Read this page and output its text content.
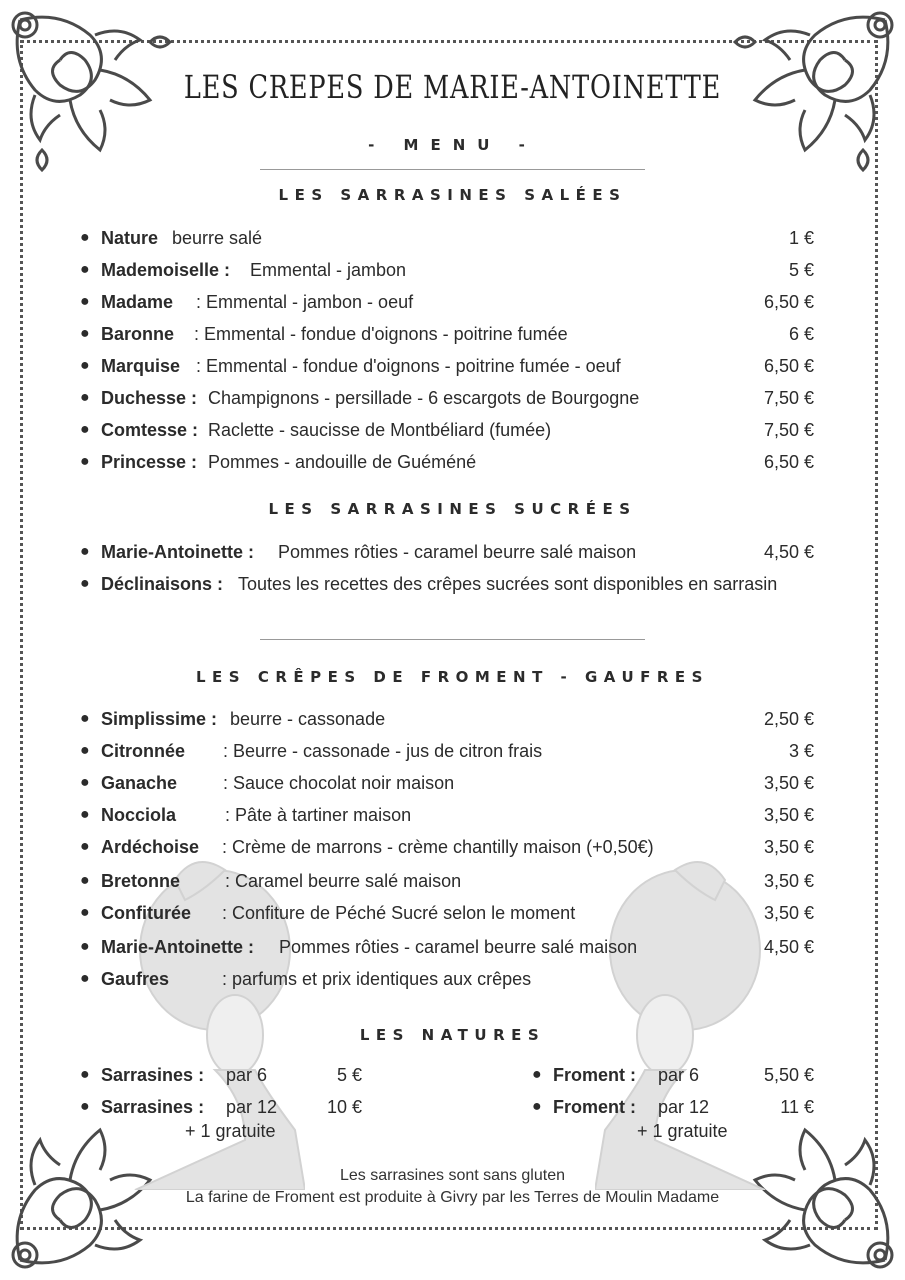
LES CREPES DE MARIE-ANTOINETTE
- MENU -
LES SARRASINES SALÉES
● Nature beurre salé	1 €
● Mademoiselle : Emmental - jambon	5 €
● Madame : Emmental - jambon - oeuf	6,50 €
● Baronne : Emmental - fondue d'oignons - poitrine fumée	6 €
● Marquise : Emmental - fondue d'oignons - poitrine fumée - oeuf	6,50 €
● Duchesse : Champignons - persillade - 6 escargots de Bourgogne	7,50 €
● Comtesse : Raclette - saucisse de Montbéliard (fumée)	7,50 €
● Princesse : Pommes - andouille de Guéméné	6,50 €
LES SARRASINES SUCRÉES
● Marie-Antoinette : Pommes rôties - caramel beurre salé maison	4,50 €
● Déclinaisons : Toutes les recettes des crêpes sucrées sont disponibles en sarrasin
LES CRÊPES DE FROMENT - GAUFRES
● Simplissime : beurre - cassonade	2,50 €
● Citronnée : Beurre - cassonade - jus de citron frais	3 €
● Ganache	: Sauce chocolat noir maison	3,50 €
● Nocciola	: Pâte à tartiner maison	3,50 €
● Ardéchoise : Crème de marrons - crème chantilly maison (+0,50€)	3,50 €
● Bretonne : Caramel beurre salé maison	3,50 €
● Confiturée : Confiture de Péché Sucré selon le moment	3,50 €
● Marie-Antoinette : Pommes rôties - caramel beurre salé maison	4,50 €
● Gaufres	: parfums et prix identiques aux crêpes
LES NATURES
● Sarrasines : par 6	5 €
● Sarrasines : par 12	10 €
+ 1 gratuite
● Froment : par 6	5,50 €
● Froment : par 12	11 €
+ 1 gratuite
Les sarrasines sont sans gluten
La farine de Froment est produite à Givry par les Terres de Moulin Madame
